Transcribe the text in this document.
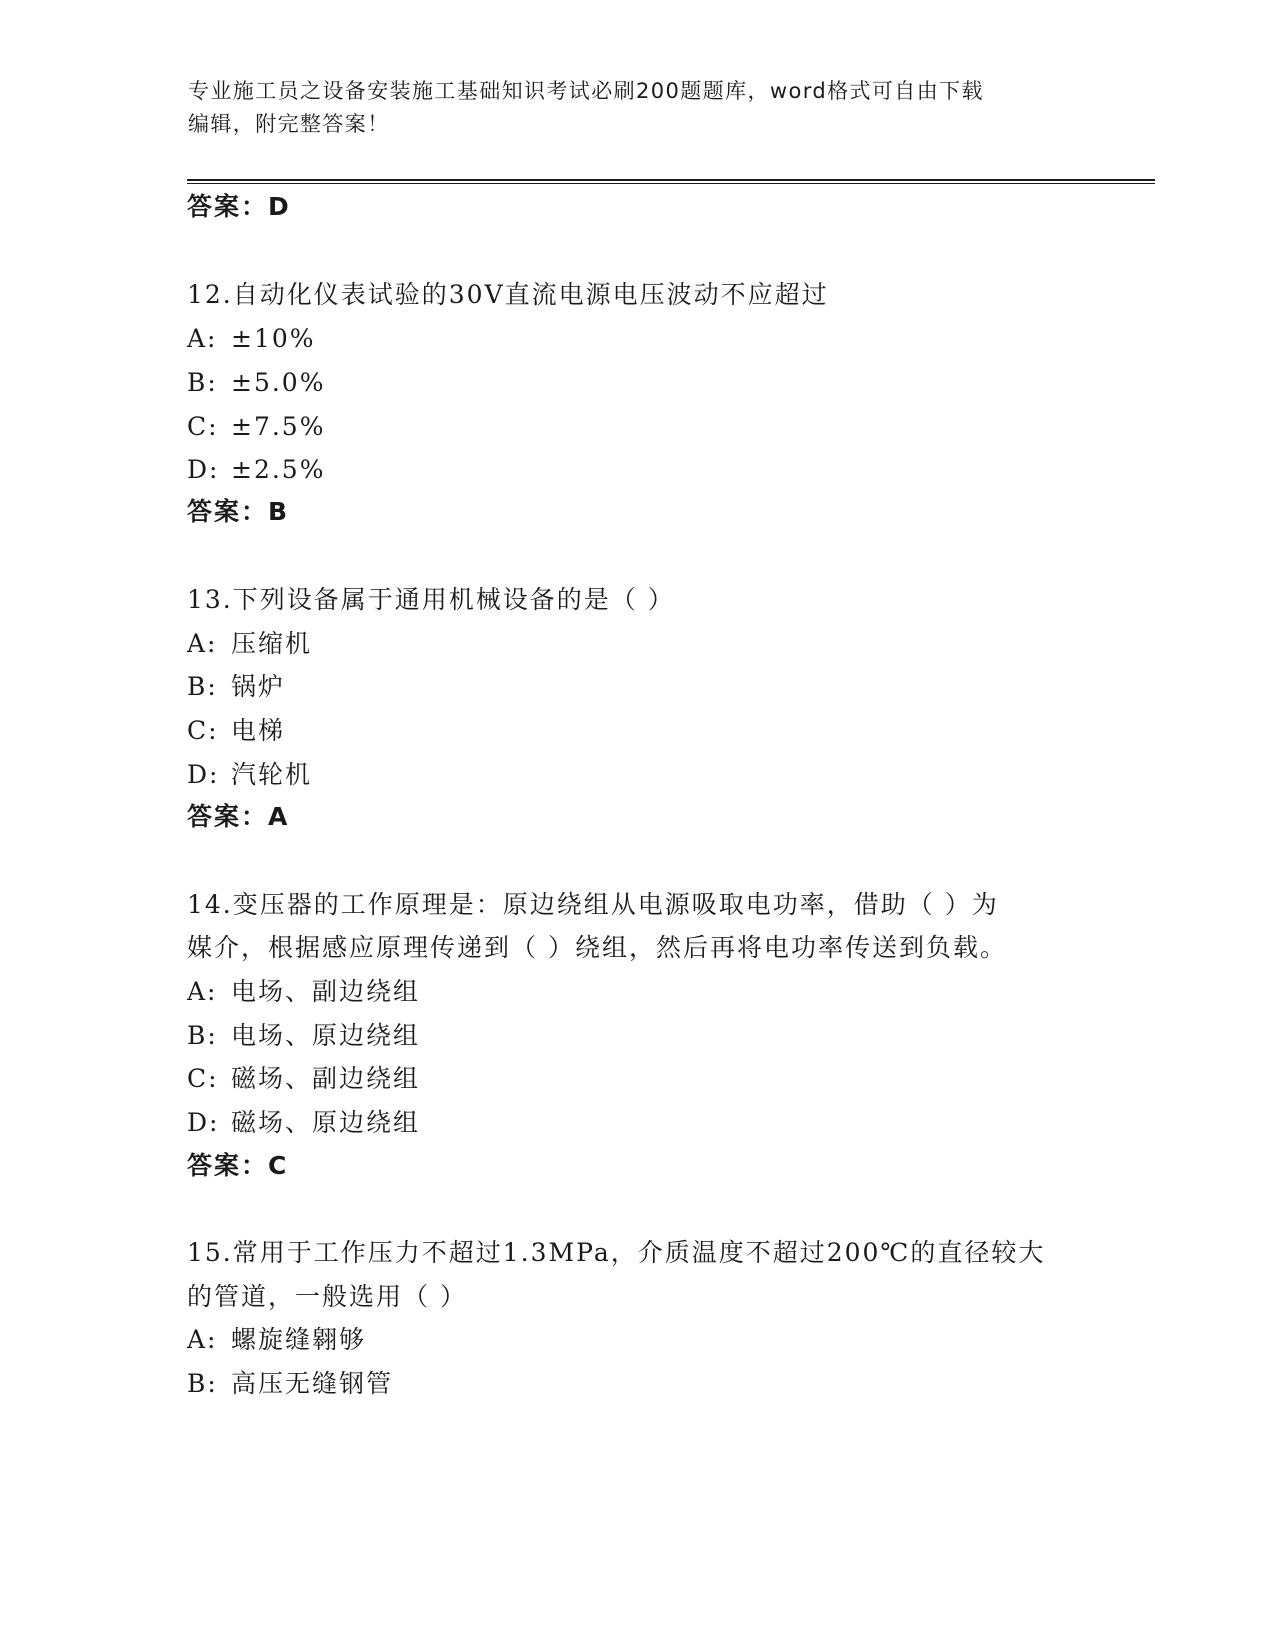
专业施工员之设备安装施工基础知识考试必刷200题题库，word格式可自由下载
编辑，附完整答案！
答案：D
12.自动化仪表试验的30V直流电源电压波动不应超过
A: ±10%
B: ±5.0%
C: ±7.5%
D: ±2.5%
答案：B
13.下列设备属于通用机械设备的是（ ）
A: 压缩机
B: 锅炉
C: 电梯
D: 汽轮机
答案：A
14.变压器的工作原理是：原边绕组从电源吸取电功率，借助（ ）为
媒介，根据感应原理传递到（ ）绕组，然后再将电功率传送到负载。
A: 电场、副边绕组
B: 电场、原边绕组
C: 磁场、副边绕组
D: 磁场、原边绕组
答案：C
15.常用于工作压力不超过1.3MPa，介质温度不超过200℃的直径较大
的管道，一般选用（ ）
A: 螺旋缝翱够
B: 高压无缝钢管
